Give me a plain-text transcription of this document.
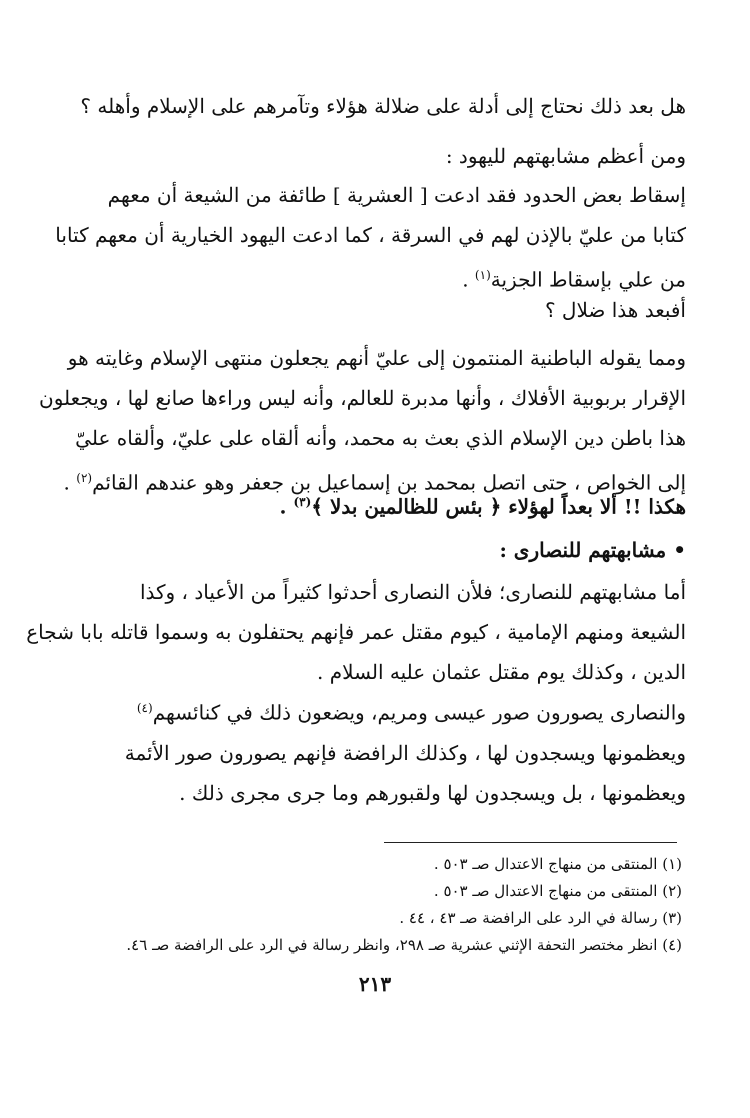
هل بعد ذلك نحتاج إلى أدلة على ضلالة هؤلاء وتآمرهم على الإسلام وأهله ؟
ومن أعظم مشابهتهم لليهود :
إسقاط بعض الحدود فقد ادعت [ العشرية ] طائفة من الشيعة أن معهم
كتابا من عليّ بالإذن لهم في السرقة ، كما ادعت اليهود الخيارية أن معهم كتابا
من علي بإسقاط الجزية$^{(١)}$ .
أفبعد هذا ضلال ؟
ومما يقوله الباطنية المنتمون إلى عليّ أنهم يجعلون منتهى الإسلام وغايته هو
الإقرار بربوبية الأفلاك ، وأنها مدبرة للعالم، وأنه ليس وراءها صانع لها ، ويجعلون
هذا باطن دين الإسلام الذي بعث به محمد، وأنه ألقاه على عليّ، وألقاه عليّ
إلى الخواص ، حتى اتصل بمحمد بن إسماعيل بن جعفر وهو عندهم القائم$^{(٢)}$ .
هكذا !! ألا بعداً لهؤلاء ﴿ بئس للظالمين بدلا ﴾$^{(٣)}$ .
• مشابهتهم للنصارى :
أما مشابهتهم للنصارى؛ فلأن النصارى أحدثوا كثيراً من الأعياد ، وكذا
الشيعة ومنهم الإمامية ، كيوم مقتل عمر فإنهم يحتفلون به وسموا قاتله بابا شجاع
الدين ، وكذلك يوم مقتل عثمان عليه السلام .
والنصارى يصورون صور عيسى ومريم، ويضعون ذلك في كنائسهم$^{(٤)}$
ويعظمونها ويسجدون لها ، وكذلك الرافضة فإنهم يصورون صور الأئمة
ويعظمونها ، بل ويسجدون لها ولقبورهم وما جرى مجرى ذلك .
(١) المنتقى من منهاج الاعتدال صـ ٥٠٣ .
(٢) المنتقى من منهاج الاعتدال صـ ٥٠٣ .
(٣) رسالة في الرد على الرافضة صـ ٤٣ ، ٤٤ .
(٤) انظر مختصر التحفة الإثني عشرية صـ ٢٩٨، وانظر رسالة في الرد على الرافضة صـ ٤٦.
٢١٣
